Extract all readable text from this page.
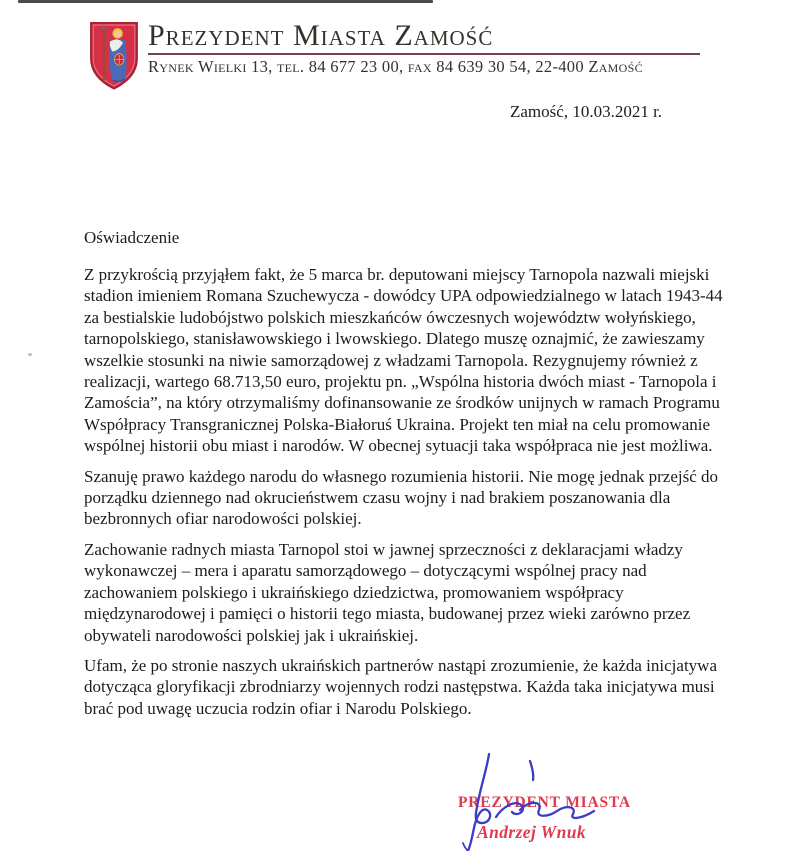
Prezydent Miasta Zamość
Rynek Wielki 13, tel. 84 677 23 00, fax 84 639 30 54, 22-400 Zamość
Zamość, 10.03.2021 r.
Oświadczenie

Z przykrością przyjąłem fakt, że 5 marca br. deputowani miejscy Tarnopola nazwali miejski stadion imieniem Romana Szuchewycza - dowódcy UPA odpowiedzialnego w latach 1943-44 za bestialskie ludobójstwo polskich mieszkańców ówczesnych województw wołyńskiego, tarnopolskiego, stanisławowskiego i lwowskiego. Dlatego muszę oznajmić, że zawieszamy wszelkie stosunki na niwie samorządowej z władzami Tarnopola. Rezygnujemy również z realizacji, wartego 68.713,50 euro, projektu pn. „Wspólna historia dwóch miast - Tarnopola i Zamościa”, na który otrzymaliśmy dofinansowanie ze środków unijnych w ramach Programu Współpracy Transgranicznej Polska-Białoruś Ukraina. Projekt ten miał na celu promowanie wspólnej historii obu miast i narodów. W obecnej sytuacji taka współpraca nie jest możliwa.

Szanuję prawo każdego narodu do własnego rozumienia historii. Nie mogę jednak przejść do porządku dziennego nad okrucieństwem czasu wojny i nad brakiem poszanowania dla bezbronnych ofiar narodowości polskiej.

Zachowanie radnych miasta Tarnopol stoi w jawnej sprzeczności z deklaracjami władzy wykonawczej – mera i aparatu samorządowego – dotyczącymi wspólnej pracy nad zachowaniem polskiego i ukraińskiego dziedzictwa, promowaniem współpracy międzynarodowej i pamięci o historii tego miasta, budowanej przez wieki zarówno przez obywateli narodowości polskiej jak i ukraińskiej.

Ufam, że po stronie naszych ukraińskich partnerów nastąpi zrozumienie, że każda inicjatywa dotycząca gloryfikacji zbrodniarzy wojennych rodzi następstwa. Każda taka inicjatywa musi brać pod uwagę uczucia rodzin ofiar i Narodu Polskiego.

PREZYDENT MIASTA
Andrzej Wnuk
